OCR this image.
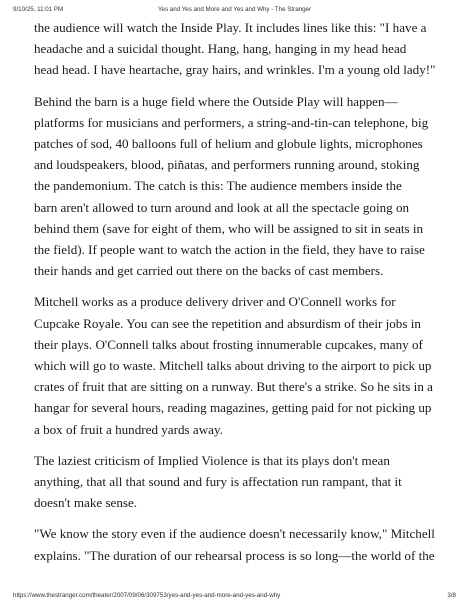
9/10/25, 11:01 PM	Yes and Yes and More and Yes and Why - The Stranger

the audience will watch the Inside Play. It includes lines like this: "I have a
headache and a suicidal thought. Hang, hang, hanging in my head head
head head. I have heartache, gray hairs, and wrinkles. I'm a young old lady!"

Behind the barn is a huge field where the Outside Play will happen—
platforms for musicians and performers, a string-and-tin-can telephone, big
patches of sod, 40 balloons full of helium and globule lights, microphones
and loudspeakers, blood, piñatas, and performers running around, stoking
the pandemonium. The catch is this: The audience members inside the
barn aren't allowed to turn around and look at all the spectacle going on
behind them (save for eight of them, who will be assigned to sit in seats in
the field). If people want to watch the action in the field, they have to raise
their hands and get carried out there on the backs of cast members.

Mitchell works as a produce delivery driver and O'Connell works for
Cupcake Royale. You can see the repetition and absurdism of their jobs in
their plays. O'Connell talks about frosting innumerable cupcakes, many of
which will go to waste. Mitchell talks about driving to the airport to pick up
crates of fruit that are sitting on a runway. But there's a strike. So he sits in a
hangar for several hours, reading magazines, getting paid for not picking up
a box of fruit a hundred yards away.

The laziest criticism of Implied Violence is that its plays don't mean
anything, that all that sound and fury is affectation run rampant, that it
doesn't make sense.

"We know the story even if the audience doesn't necessarily know," Mitchell
explains. "The duration of our rehearsal process is so long—the world of the

https://www.thestranger.com/theater/2007/09/06/309753/yes-and-yes-and-more-and-yes-and-why	3/8
